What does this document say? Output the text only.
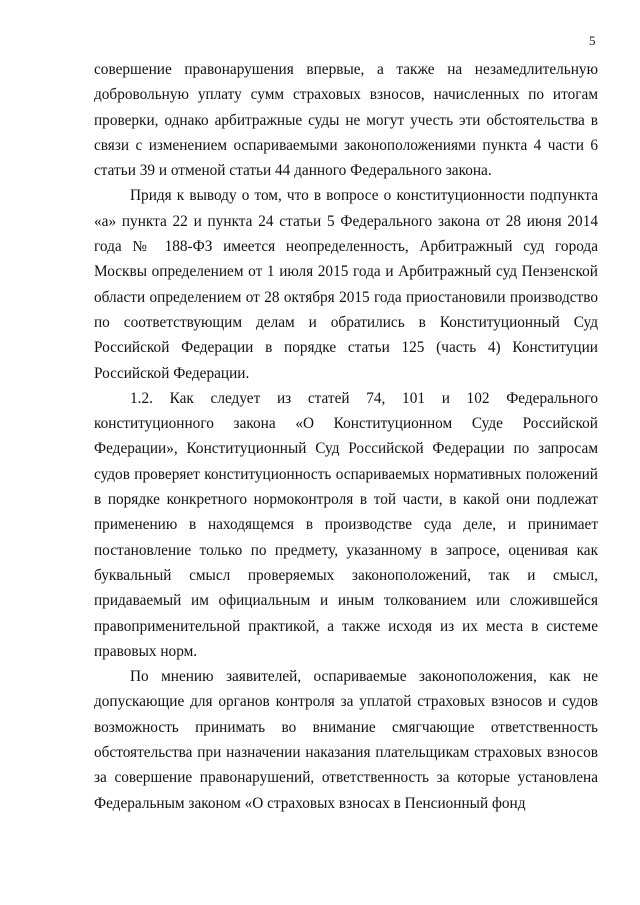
5

совершение правонарушения впервые, а также на незамедлительную добровольную уплату сумм страховых взносов, начисленных по итогам проверки, однако арбитражные суды не могут учесть эти обстоятельства в связи с изменением оспариваемыми законоположениями пункта 4 части 6 статьи 39 и отменой статьи 44 данного Федерального закона.

Придя к выводу о том, что в вопросе о конституционности подпункта «а» пункта 22 и пункта 24 статьи 5 Федерального закона от 28 июня 2014 года № 188-ФЗ имеется неопределенность, Арбитражный суд города Москвы определением от 1 июля 2015 года и Арбитражный суд Пензенской области определением от 28 октября 2015 года приостановили производство по соответствующим делам и обратились в Конституционный Суд Российской Федерации в порядке статьи 125 (часть 4) Конституции Российской Федерации.

1.2. Как следует из статей 74, 101 и 102 Федерального конституционного закона «О Конституционном Суде Российской Федерации», Конституционный Суд Российской Федерации по запросам судов проверяет конституционность оспариваемых нормативных положений в порядке конкретного нормоконтроля в той части, в какой они подлежат применению в находящемся в производстве суда деле, и принимает постановление только по предмету, указанному в запросе, оценивая как буквальный смысл проверяемых законоположений, так и смысл, придаваемый им официальным и иным толкованием или сложившейся правоприменительной практикой, а также исходя из их места в системе правовых норм.

По мнению заявителей, оспариваемые законоположения, как не допускающие для органов контроля за уплатой страховых взносов и судов возможность принимать во внимание смягчающие ответственность обстоятельства при назначении наказания плательщикам страховых взносов за совершение правонарушений, ответственность за которые установлена Федеральным законом «О страховых взносах в Пенсионный фонд
